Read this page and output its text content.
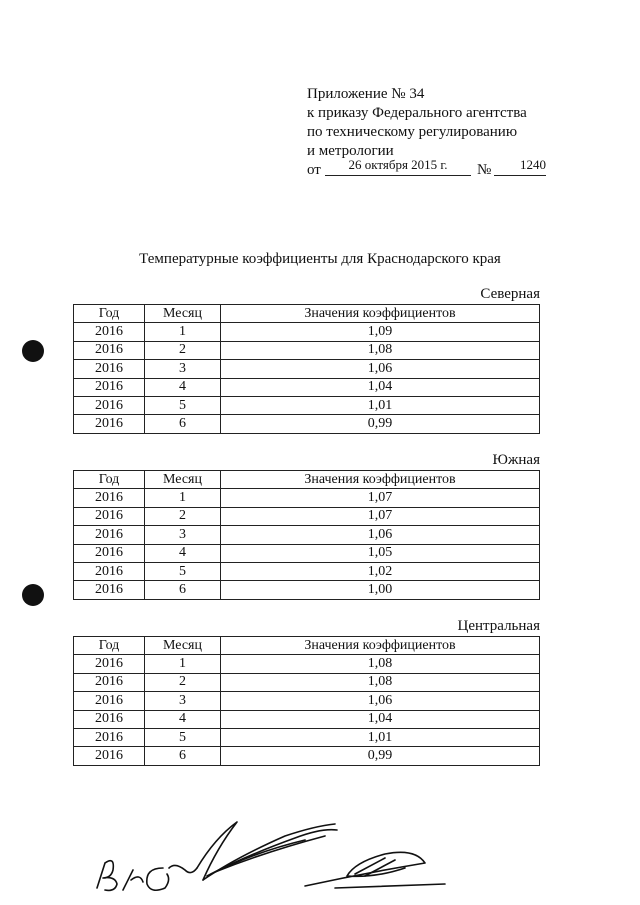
Приложение № 34
к приказу Федерального агентства
по техническому регулированию
и метрологии
от	26 октября 2015 г.	№	1240
Температурные коэффициенты для Краснодарского края
Северная
Год	Месяц	Значения коэффициентов
2016	1	1,09
2016	2	1,08
2016	3	1,06
2016	4	1,04
2016	5	1,01
2016	6	0,99
Южная
Год	Месяц	Значения коэффициентов
2016	1	1,07
2016	2	1,07
2016	3	1,06
2016	4	1,05
2016	5	1,02
2016	6	1,00
Центральная
Год	Месяц	Значения коэффициентов
2016	1	1,08
2016	2	1,08
2016	3	1,06
2016	4	1,04
2016	5	1,01
2016	6	0,99
